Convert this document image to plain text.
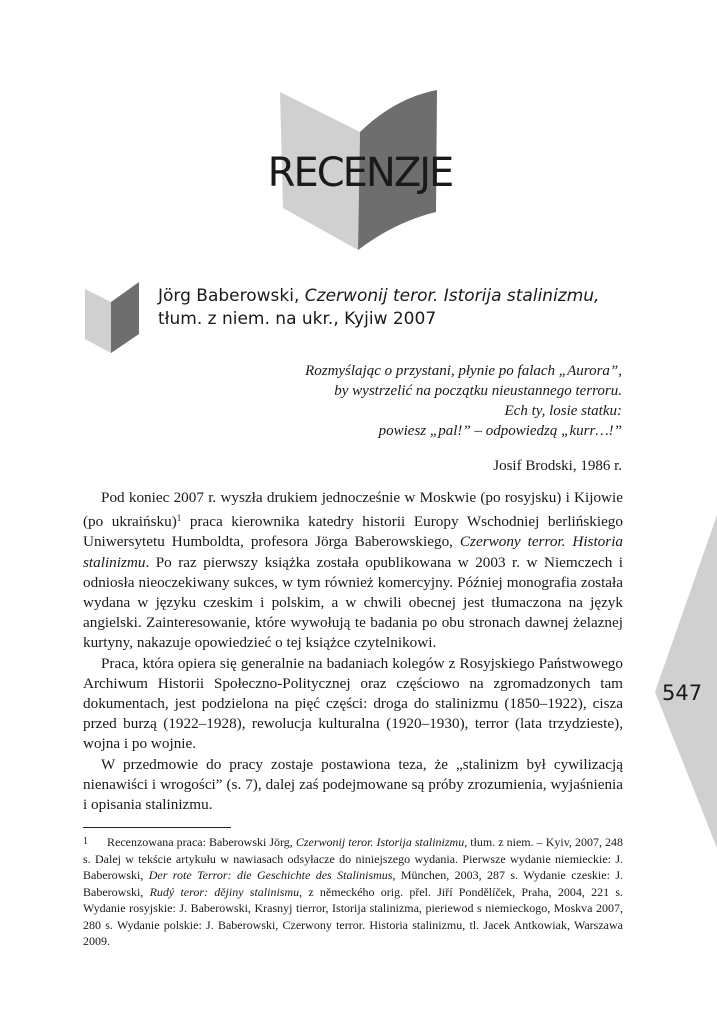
RECENZJE
Jörg Baberowski, Czerwonij teror. Istorija stalinizmu,
tłum. z niem. na ukr., Kyjiw 2007
Rozmyślając o przystani, płynie po falach „Aurora”,
by wystrzelić na początku nieustannego terroru.
Ech ty, losie statku:
powiesz „pal!” – odpowiedzą „kurr…!”
Josif Brodski, 1986 r.

Pod koniec 2007 r. wyszła drukiem jednocześnie w Moskwie (po rosyjsku) i Kijowie (po ukraińsku)$^1$ praca kierownika katedry historii Europy Wschodniej berlińskiego Uniwersytetu Humboldta, profesora Jörga Baberowskiego, Czerwony terror. Historia stalinizmu. Po raz pierwszy książka została opublikowana w 2003 r. w Niemczech i odniosła nieoczekiwany sukces, w tym również komercyjny. Później monografia została wydana w języku czeskim i polskim, a w chwili obecnej jest tłumaczona na język angielski. Zainteresowanie, które wywołują te badania po obu stronach dawnej żelaznej kurtyny, nakazuje opowiedzieć o tej książce czytelnikowi.

Praca, która opiera się generalnie na badaniach kolegów z Rosyjskiego Państwowego Archiwum Historii Społeczno-Politycznej oraz częściowo na zgromadzonych tam dokumentach, jest podzielona na pięć części: droga do stalinizmu (1850–1922), cisza przed burzą (1922–1928), rewolucja kulturalna (1920–1930), terror (lata trzydzieste), wojna i po wojnie.

W przedmowie do pracy zostaje postawiona teza, że „stalinizm był cywilizacją nienawiści i wrogości” (s. 7), dalej zaś podejmowane są próby zrozumienia, wyjaśnienia i opisania stalinizmu.

1 Recenzowana praca: Baberowski Jörg, Czerwonij teror. Istorija stalinizmu, tłum. z niem. – Kyiv, 2007, 248 s. Dalej w tekście artykułu w nawiasach odsyłacze do niniejszego wydania. Pierwsze wydanie niemieckie: J. Baberowski, Der rote Terror: die Geschichte des Stalinismus, München, 2003, 287 s. Wydanie czeskie: J. Baberowski, Rudý teror: dějiny stalinismu, z německého orig. přel. Jiří Pondělíček, Praha, 2004, 221 s. Wydanie rosyjskie: J. Baberowski, Krasnyj tierror, Istorija stalinizma, pieriewod s niemieckogo, Moskva 2007, 280 s. Wydanie polskie: J. Baberowski, Czerwony terror. Historia stalinizmu, tl. Jacek Antkowiak, Warszawa 2009.
547
